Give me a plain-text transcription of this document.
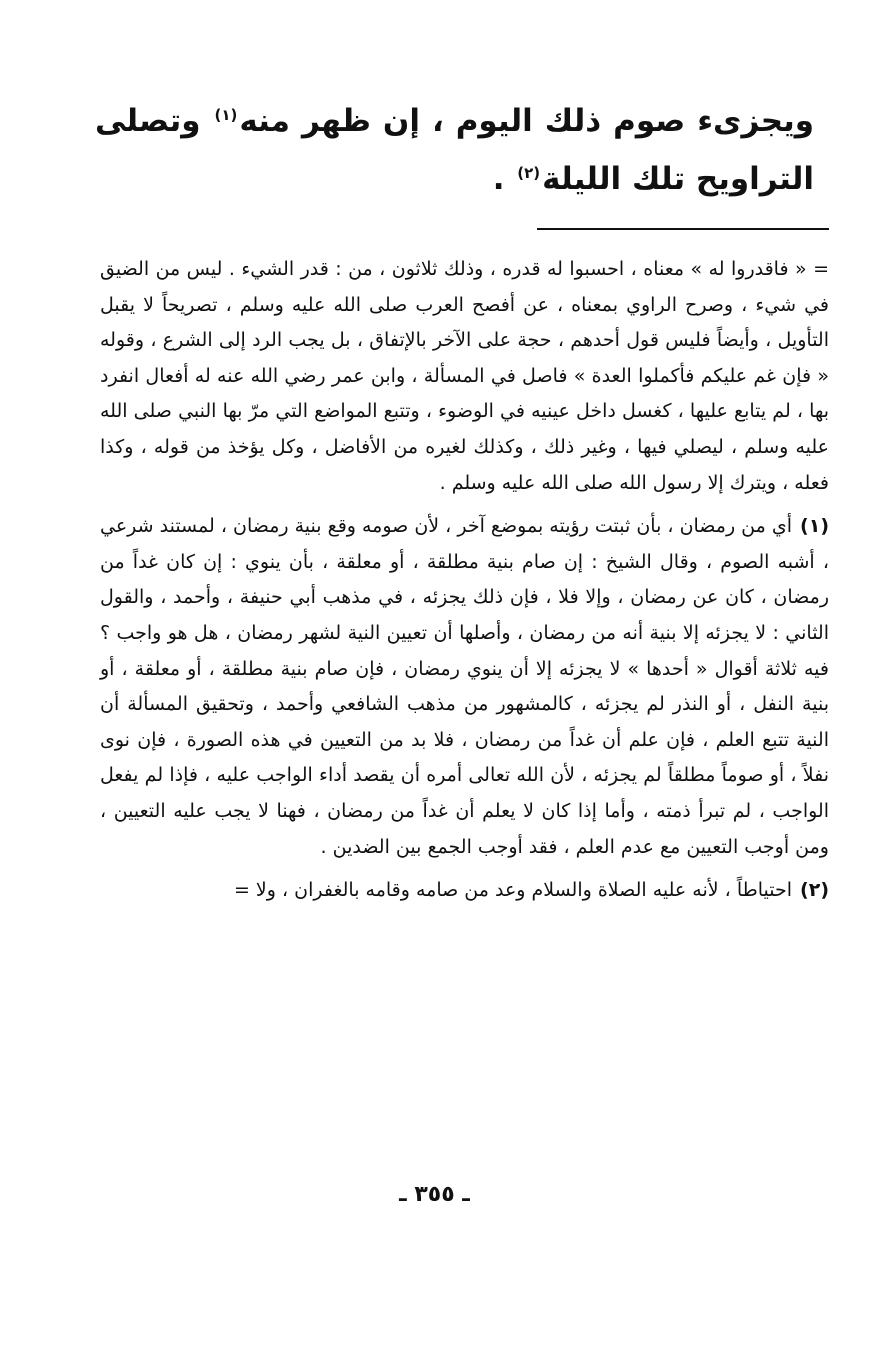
ويجزىء صوم ذلك اليوم ، إن ظهر منه$^{(١)}$ وتصلى التراويح تلك الليلة$^{(٢)}$ .

= « فاقدروا له » معناه ، احسبوا له قدره ، وذلك ثلاثون ، من : قدر الشيء . ليس من الضيق في شيء ، وصرح الراوي بمعناه ، عن أفصح العرب صلى الله عليه وسلم ، تصريحاً لا يقبل التأويل ، وأيضاً فليس قول أحدهم ، حجة على الآخر بالإتفاق ، بل يجب الرد إلى الشرع ، وقوله « فإن غم عليكم فأكملوا العدة » فاصل في المسألة ، وابن عمر رضي الله عنه له أفعال انفرد بها ، لم يتابع عليها ، كغسل داخل عينيه في الوضوء ، وتتبع المواضع التي مرّ بها النبي صلى الله عليه وسلم ، ليصلي فيها ، وغير ذلك ، وكذلك لغيره من الأفاضل ، وكل يؤخذ من قوله ، وكذا فعله ، ويترك إلا رسول الله صلى الله عليه وسلم .

(١)أي من رمضان ، بأن ثبتت رؤيته بموضع آخر ، لأن صومه وقع بنية رمضان ، لمستند شرعي ، أشبه الصوم ، وقال الشيخ : إن صام بنية مطلقة ، أو معلقة ، بأن ينوي : إن كان غداً من رمضان ، كان عن رمضان ، وإلا فلا ، فإن ذلك يجزئه ، في مذهب أبي حنيفة ، وأحمد ، والقول الثاني : لا يجزئه إلا بنية أنه من رمضان ، وأصلها أن تعيين النية لشهر رمضان ، هل هو واجب ؟ فيه ثلاثة أقوال « أحدها » لا يجزئه إلا أن ينوي رمضان ، فإن صام بنية مطلقة ، أو معلقة ، أو بنية النفل ، أو النذر لم يجزئه ، كالمشهور من مذهب الشافعي وأحمد ، وتحقيق المسألة أن النية تتبع العلم ، فإن علم أن غداً من رمضان ، فلا بد من التعيين في هذه الصورة ، فإن نوى نفلاً ، أو صوماً مطلقاً لم يجزئه ، لأن الله تعالى أمره أن يقصد أداء الواجب عليه ، فإذا لم يفعل الواجب ، لم تبرأ ذمته ، وأما إذا كان لا يعلم أن غداً من رمضان ، فهنا لا يجب عليه التعيين ، ومن أوجب التعيين مع عدم العلم ، فقد أوجب الجمع بين الضدين .

(٢)احتياطاً ، لأنه عليه الصلاة والسلام وعد من صامه وقامه بالغفران ، ولا =

ـ ٣٥٥ ـ
